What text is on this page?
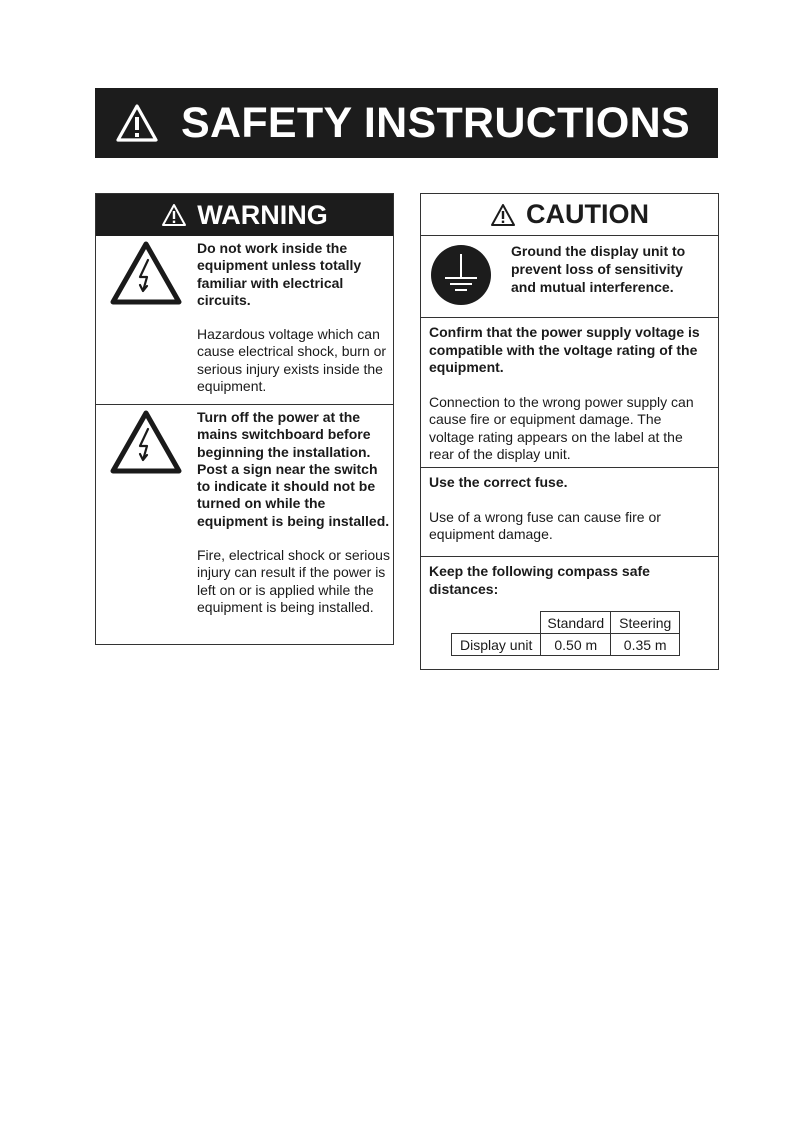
SAFETY INSTRUCTIONS
WARNING
Do not work inside the equipment unless totally familiar with electrical circuits.
Hazardous voltage which can cause electrical shock, burn or serious injury exists inside the equipment.
Turn off the power at the mains switchboard before beginning the installation. Post a sign near the switch to indicate it should not be turned on while the equipment is being installed.
Fire, electrical shock or serious injury can result if the power is left on or is applied while the equipment is being installed.
CAUTION
Ground the display unit to prevent loss of sensitivity and mutual interference.
Confirm that the power supply voltage is compatible with the voltage rating of the equipment.
Connection to the wrong power supply can cause fire or equipment damage. The voltage rating appears on the label at the rear of the display unit.
Use the correct fuse.
Use of a wrong fuse can cause fire or equipment damage.
Keep the following compass safe distances:
	Standard	Steering
Display unit	0.50 m	0.35 m
